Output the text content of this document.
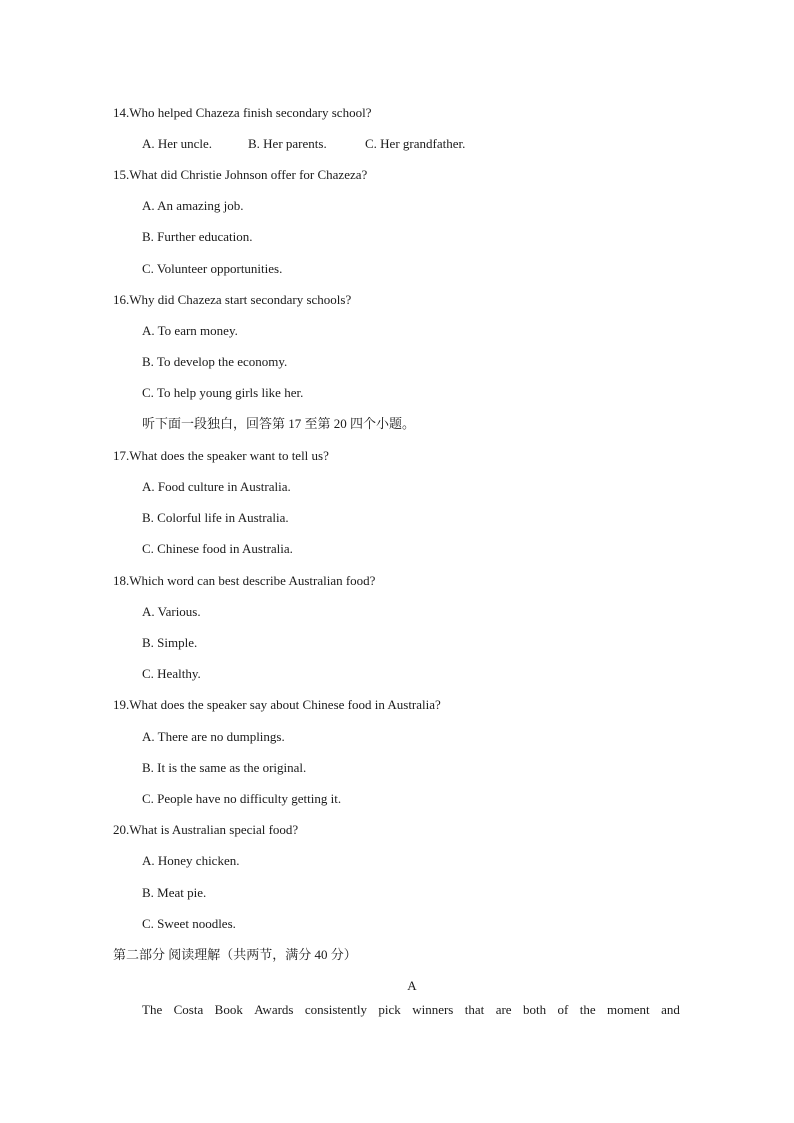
14.Who helped Chazeza finish secondary school?
A. Her uncle.	B. Her parents.	C. Her grandfather.
15.What did Christie Johnson offer for Chazeza?
A. An amazing job.
B. Further education.
C. Volunteer opportunities.
16.Why did Chazeza start secondary schools?
A. To earn money.
B. To develop the economy.
C. To help young girls like her.
听下面一段独白，回答第 17 至第 20 四个小题。
17.What does the speaker want to tell us?
A. Food culture in Australia.
B. Colorful life in Australia.
C. Chinese food in Australia.
18.Which word can best describe Australian food?
A. Various.
B. Simple.
C. Healthy.
19.What does the speaker say about Chinese food in Australia?
A. There are no dumplings.
B. It is the same as the original.
C. People have no difficulty getting it.
20.What is Australian special food?
A. Honey chicken.
B. Meat pie.
C. Sweet noodles.
第二部分 阅读理解（共两节，满分 40 分）
A
The Costa Book Awards consistently pick winners that are both of the moment and
